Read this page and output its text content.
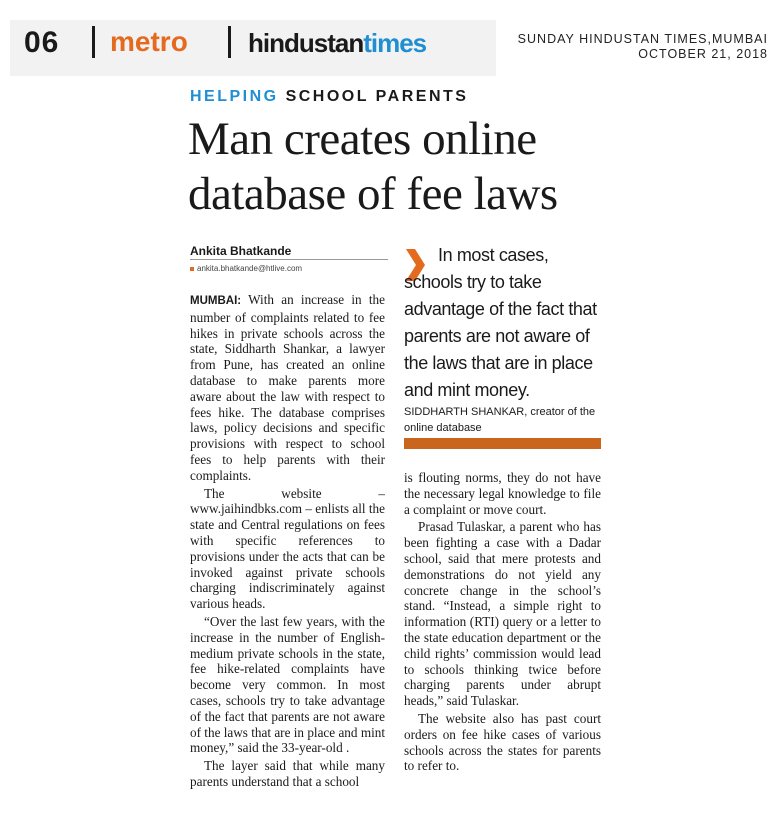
06 metro hindustantimes	SUNDAY HINDUSTAN TIMES,MUMBAI
OCTOBER 21, 2018
HELPING SCHOOL PARENTS
Man creates online database of fee laws
Ankita Bhatkande
ankita.bhatkande@htlive.com

MUMBAI: With an increase in the number of complaints related to fee hikes in private schools across the state, Siddharth Shankar, a lawyer from Pune, has created an online database to make parents more aware about the law with respect to fees hike. The database comprises laws, policy decisions and specific provisions with respect to school fees to help parents with their complaints.

The website – www.jaihindbks.com – enlists all the state and Central regulations on fees with specific references to provisions under the acts that can be invoked against private schools charging indiscriminately against various heads.

“Over the last few years, with the increase in the number of English-medium private schools in the state, fee hike-related complaints have become very common. In most cases, schools try to take advantage of the fact that parents are not aware of the laws that are in place and mint money,” said the 33-year-old .

The layer said that while many parents understand that a school

In most cases, schools try to take advantage of the fact that parents are not aware of the laws that are in place and mint money.
SIDDHARTH SHANKAR, creator of the online database

is flouting norms, they do not have the necessary legal knowledge to file a complaint or move court.

Prasad Tulaskar, a parent who has been fighting a case with a Dadar school, said that mere protests and demonstrations do not yield any concrete change in the school’s stand. “Instead, a simple right to information (RTI) query or a letter to the state education department or the child rights’ commission would lead to schools thinking twice before charging parents under abrupt heads,” said Tulaskar.

The website also has past court orders on fee hike cases of various schools across the states for parents to refer to.
